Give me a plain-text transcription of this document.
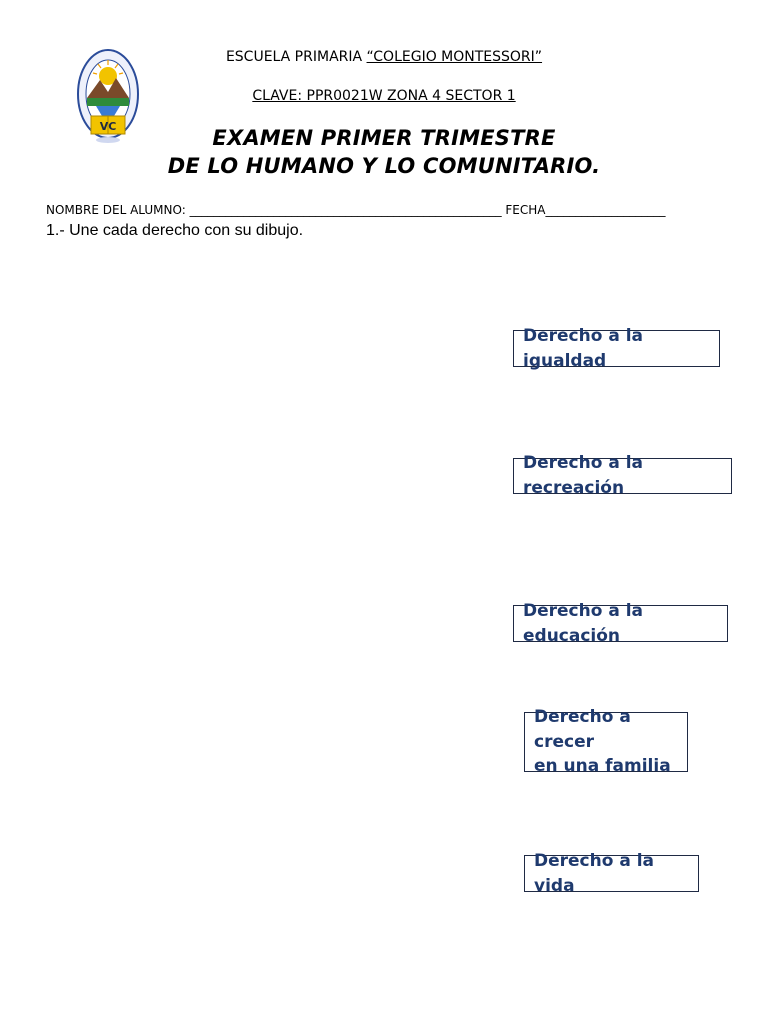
VC
ESCUELA PRIMARIA “COLEGIO MONTESSORI”
CLAVE: PPR0021W ZONA 4 SECTOR 1
EXAMEN PRIMER TRIMESTRE
DE LO HUMANO Y LO COMUNITARIO.
NOMBRE DEL ALUMNO: ____________________________________________________ FECHA____________________
1.- Une cada derecho con su dibujo.
Derecho a la igualdad
Derecho a la recreación
Derecho a la educación
Derecho a crecer
en una familia
Derecho a la vida
